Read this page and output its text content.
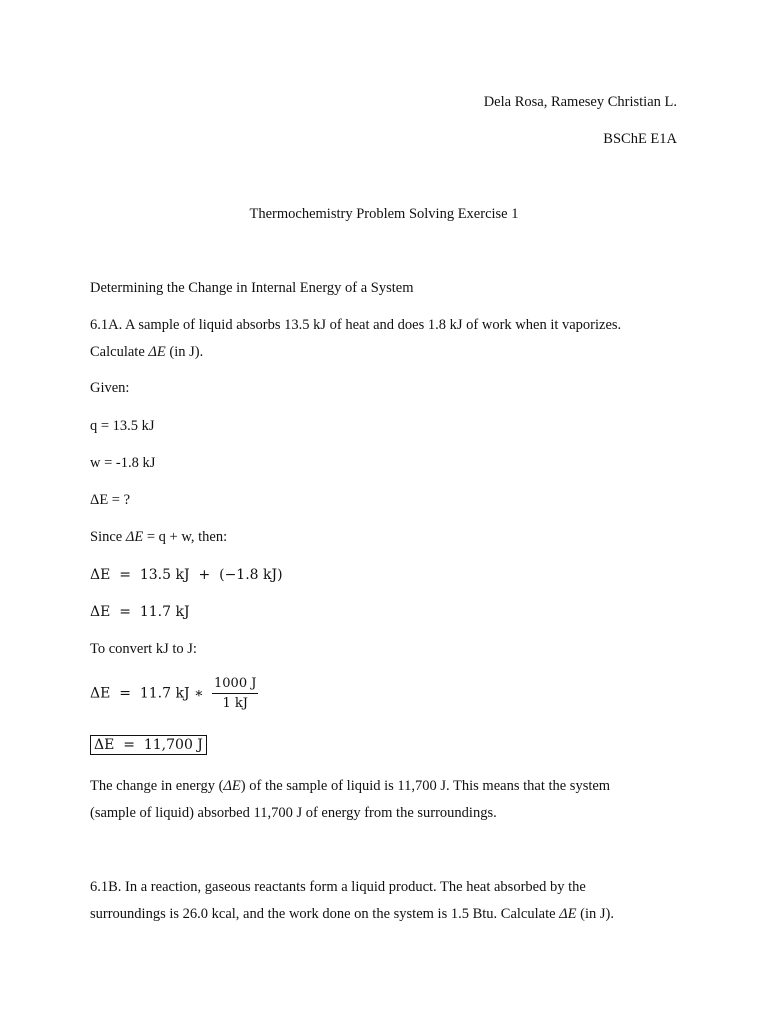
Dela Rosa, Ramesey Christian L.
BSChE E1A
Thermochemistry Problem Solving Exercise 1
Determining the Change in Internal Energy of a System
6.1A. A sample of liquid absorbs 13.5 kJ of heat and does 1.8 kJ of work when it vaporizes.
Calculate ΔE (in J).
Given:
q = 13.5 kJ
w = -1.8 kJ
ΔE = ?
Since ΔE = q + w, then:
ΔE  =  13.5 kJ  +  (−1.8 kJ)
ΔE  =  11.7 kJ
To convert kJ to J:
ΔE  =  11.7 kJ ∗ $\frac{1000 J}{1 kJ}$
ΔE  =  11,700 J
The change in energy (ΔE) of the sample of liquid is 11,700 J. This means that the system
(sample of liquid) absorbed 11,700 J of energy from the surroundings.
6.1B. In a reaction, gaseous reactants form a liquid product. The heat absorbed by the
surroundings is 26.0 kcal, and the work done on the system is 1.5 Btu. Calculate ΔE (in J).
